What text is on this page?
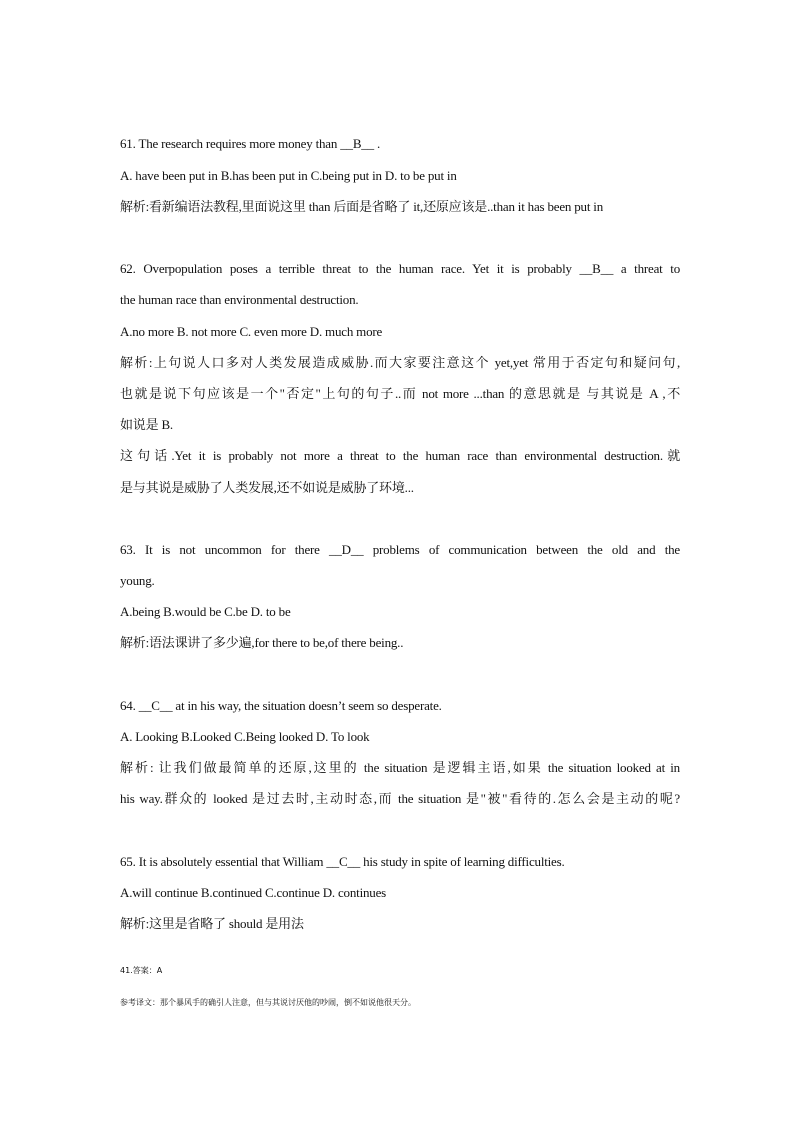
61. The research requires more money than __B__ .
A. have been put in B.has been put in C.being put in D. to be put in
解析:看新编语法教程,里面说这里 than 后面是省略了 it,还原应该是..than it has been put in
62. Overpopulation poses a terrible threat to the human race. Yet it is probably __B__ a threat to
the human race than environmental destruction.
A.no more B. not more C. even more D. much more
解析:上句说人口多对人类发展造成威胁.而大家要注意这个 yet,yet 常用于否定句和疑问句,
也就是说下句应该是一个"否定"上句的句子..而 not more ...than 的意思就是 与其说是 A ,不
如说是 B.
这句话.Yet it is probably not more a threat to the human race than environmental destruction.就
是与其说是威胁了人类发展,还不如说是威胁了环境...
63. It is not uncommon for there __D__ problems of communication between the old and the
young.
A.being B.would be C.be D. to be
解析:语法课讲了多少遍,for there to be,of there being..
64. __C__ at in his way, the situation doesn’t seem so desperate.
A. Looking B.Looked C.Being looked D. To look
解析: 让我们做最简单的还原,这里的 the situation 是逻辑主语,如果 the situation looked at in
his way.群众的 looked 是过去时,主动时态,而 the situation 是"被"看待的.怎么会是主动的呢?
65. It is absolutely essential that William __C__ his study in spite of learning difficulties.
A.will continue B.continued C.continue D. continues
解析:这里是省略了 should 是用法
41.答案：A
参考译文：那个暴风手的确引人注意，但与其说讨厌他的吵闹，倒不如说他很天分。
